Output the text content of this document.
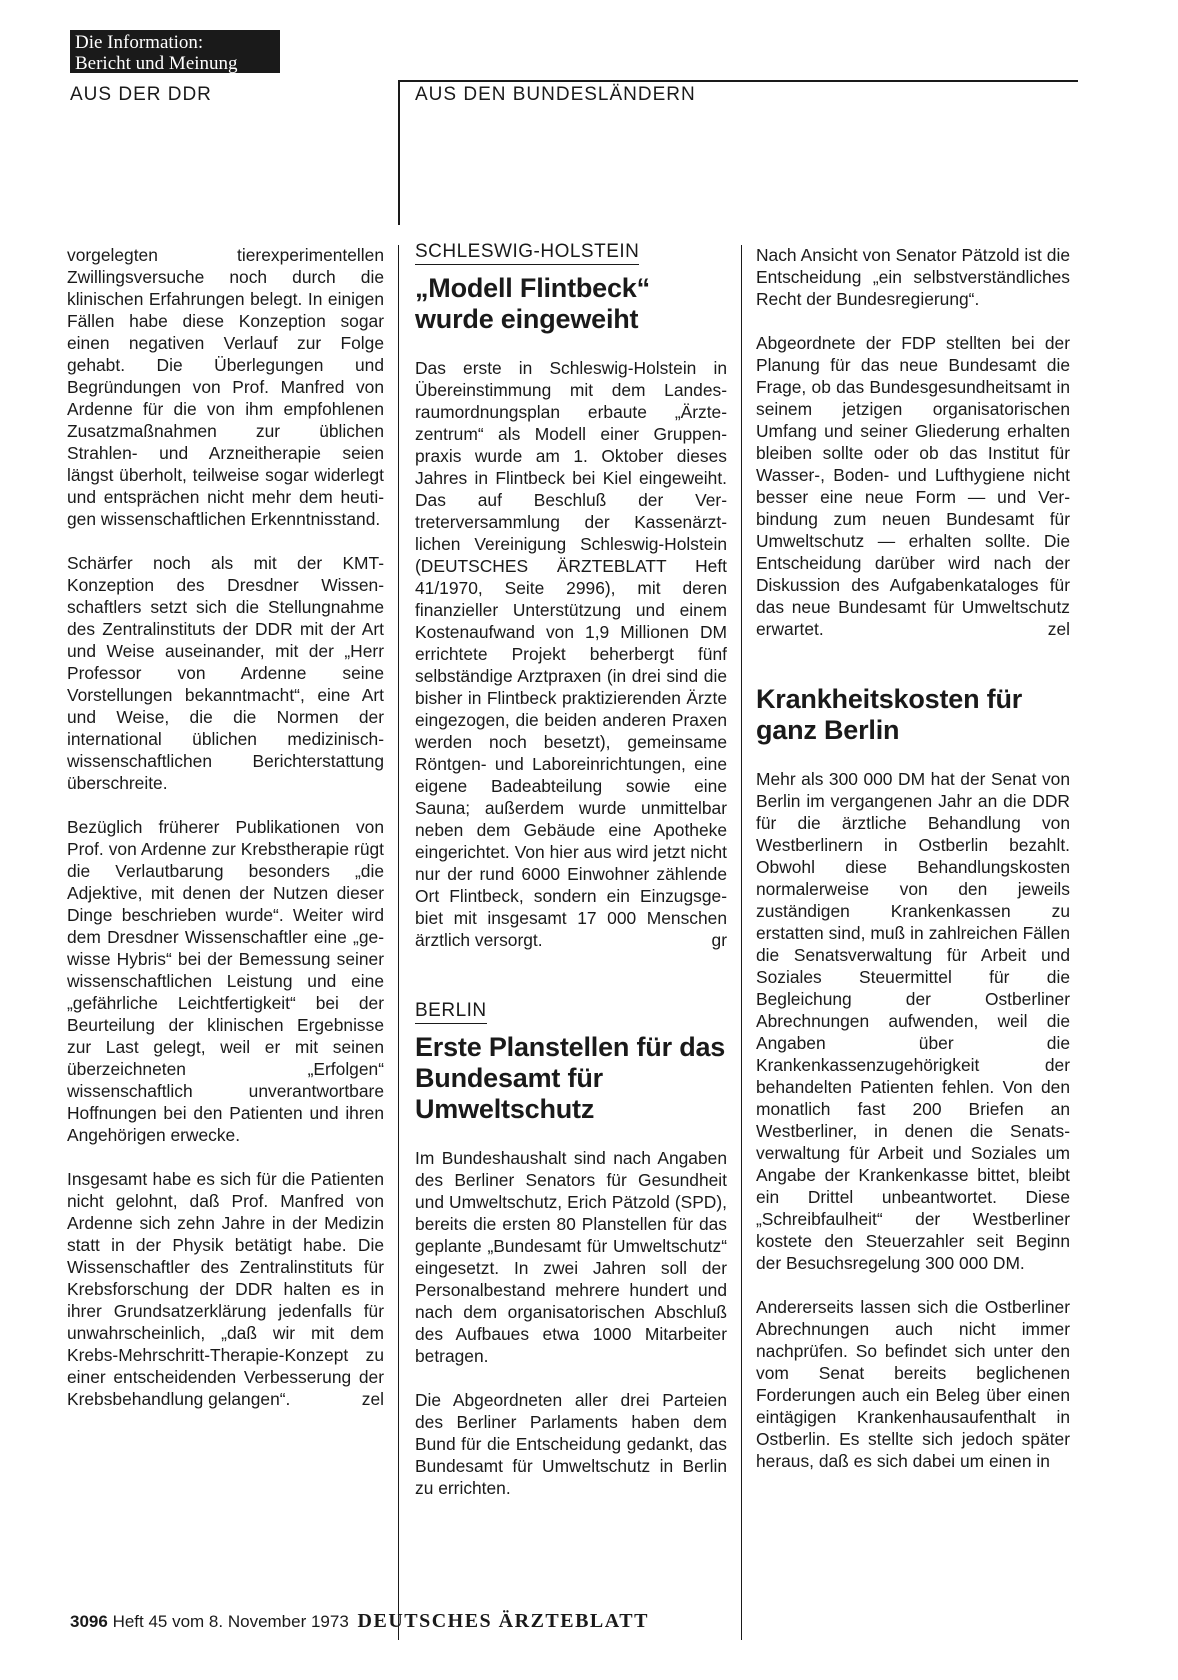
Die Information:
Bericht und Meinung
AUS DER DDR	AUS DEN BUNDESLÄNDERN

vorgelegten tierexperimentellen Zwillingsversuche noch durch die klinischen Erfahrungen belegt. In einigen Fällen habe diese Konzeption sogar einen negativen Verlauf zur Folge gehabt. Die Überlegungen und Begründungen von Prof. Manfred von Ardenne für die von ihm empfohlenen Zusatzmaßnahmen zur üblichen Strahlen- und Arzneitherapie seien längst überholt, teilweise sogar widerlegt und entsprächen nicht mehr dem heutigen wissenschaftlichen Erkenntnisstand.

Schärfer noch als mit der KMT-Konzeption des Dresdner Wissenschaftlers setzt sich die Stellungnahme des Zentralinstituts der DDR mit der Art und Weise auseinander, mit der „Herr Professor von Ardenne seine Vorstellungen bekanntmacht“, eine Art und Weise, die die Normen der international üblichen medizinisch-wissenschaftlichen Berichterstattung überschreite.

Bezüglich früherer Publikationen von Prof. von Ardenne zur Krebstherapie rügt die Verlautbarung besonders „die Adjektive, mit denen der Nutzen dieser Dinge beschrieben wurde“. Weiter wird dem Dresdner Wissenschaftler eine „gewisse Hybris“ bei der Bemessung seiner wissenschaftlichen Leistung und eine „gefährliche Leichtfertigkeit“ bei der Beurteilung der klinischen Ergebnisse zur Last gelegt, weil er mit seinen überzeichneten „Erfolgen“ wissenschaftlich unverantwortbare Hoffnungen bei den Patienten und ihren Angehörigen erwecke.

Insgesamt habe es sich für die Patienten nicht gelohnt, daß Prof. Manfred von Ardenne sich zehn Jahre in der Medizin statt in der Physik betätigt habe. Die Wissenschaftler des Zentralinstituts für Krebsforschung der DDR halten es in ihrer Grundsatzerklärung jedenfalls für unwahrscheinlich, „daß wir mit dem Krebs-Mehrschritt-Therapie-Konzept zu einer entscheidenden Verbesserung der Krebsbehandlung gelangen“.	zel

SCHLESWIG-HOLSTEIN
„Modell Flintbeck“ wurde eingeweiht

Das erste in Schleswig-Holstein in Übereinstimmung mit dem Landesraumordnungsplan erbaute „Ärztezentrum“ als Modell einer Gruppenpraxis wurde am 1. Oktober dieses Jahres in Flintbeck bei Kiel eingeweiht. Das auf Beschluß der Vertreterversammlung der Kassenärztlichen Vereinigung Schleswig-Holstein (DEUTSCHES ÄRZTEBLATT Heft 41/1970, Seite 2996), mit deren finanzieller Unterstützung und einem Kostenaufwand von 1,9 Millionen DM errichtete Projekt beherbergt fünf selbständige Arztpraxen (in drei sind die bisher in Flintbeck praktizierenden Ärzte eingezogen, die beiden anderen Praxen werden noch besetzt), gemeinsame Röntgen- und Laboreinrichtungen, eine eigene Badeabteilung sowie eine Sauna; außerdem wurde unmittelbar neben dem Gebäude eine Apotheke eingerichtet. Von hier aus wird jetzt nicht nur der rund 6000 Einwohner zählende Ort Flintbeck, sondern ein Einzugsgebiet mit insgesamt 17 000 Menschen ärztlich versorgt.	gr

BERLIN
Erste Planstellen für das Bundesamt für Umweltschutz

Im Bundeshaushalt sind nach Angaben des Berliner Senators für Gesundheit und Umweltschutz, Erich Pätzold (SPD), bereits die ersten 80 Planstellen für das geplante „Bundesamt für Umweltschutz“ eingesetzt. In zwei Jahren soll der Personalbestand mehrere hundert und nach dem organisatorischen Abschluß des Aufbaues etwa 1000 Mitarbeiter betragen.

Die Abgeordneten aller drei Parteien des Berliner Parlaments haben dem Bund für die Entscheidung gedankt, das Bundesamt für Umweltschutz in Berlin zu errichten.

Nach Ansicht von Senator Pätzold ist die Entscheidung „ein selbstverständliches Recht der Bundesregierung“.

Abgeordnete der FDP stellten bei der Planung für das neue Bundesamt die Frage, ob das Bundesgesundheitsamt in seinem jetzigen organisatorischen Umfang und seiner Gliederung erhalten bleiben sollte oder ob das Institut für Wasser-, Boden- und Lufthygiene nicht besser eine neue Form — und Verbindung zum neuen Bundesamt für Umweltschutz — erhalten sollte. Die Entscheidung darüber wird nach der Diskussion des Aufgabenkataloges für das neue Bundesamt für Umweltschutz erwartet.	zel

Krankheitskosten für ganz Berlin

Mehr als 300 000 DM hat der Senat von Berlin im vergangenen Jahr an die DDR für die ärztliche Behandlung von Westberlinern in Ostberlin bezahlt. Obwohl diese Behandlungskosten normalerweise von den jeweils zuständigen Krankenkassen zu erstatten sind, muß in zahlreichen Fällen die Senatsverwaltung für Arbeit und Soziales Steuermittel für die Begleichung der Ostberliner Abrechnungen aufwenden, weil die Angaben über die Krankenkassenzugehörigkeit der behandelten Patienten fehlen. Von den monatlich fast 200 Briefen an Westberliner, in denen die Senatsverwaltung für Arbeit und Soziales um Angabe der Krankenkasse bittet, bleibt ein Drittel unbeantwortet. Diese „Schreibfaulheit“ der Westberliner kostete den Steuerzahler seit Beginn der Besuchsregelung 300 000 DM.

Andererseits lassen sich die Ostberliner Abrechnungen auch nicht immer nachprüfen. So befindet sich unter den vom Senat bereits beglichenen Forderungen auch ein Beleg über einen eintägigen Krankenhausaufenthalt in Ostberlin. Es stellte sich jedoch später heraus, daß es sich dabei um einen in

3096 Heft 45 vom 8. November 1973 DEUTSCHES ÄRZTEBLATT
